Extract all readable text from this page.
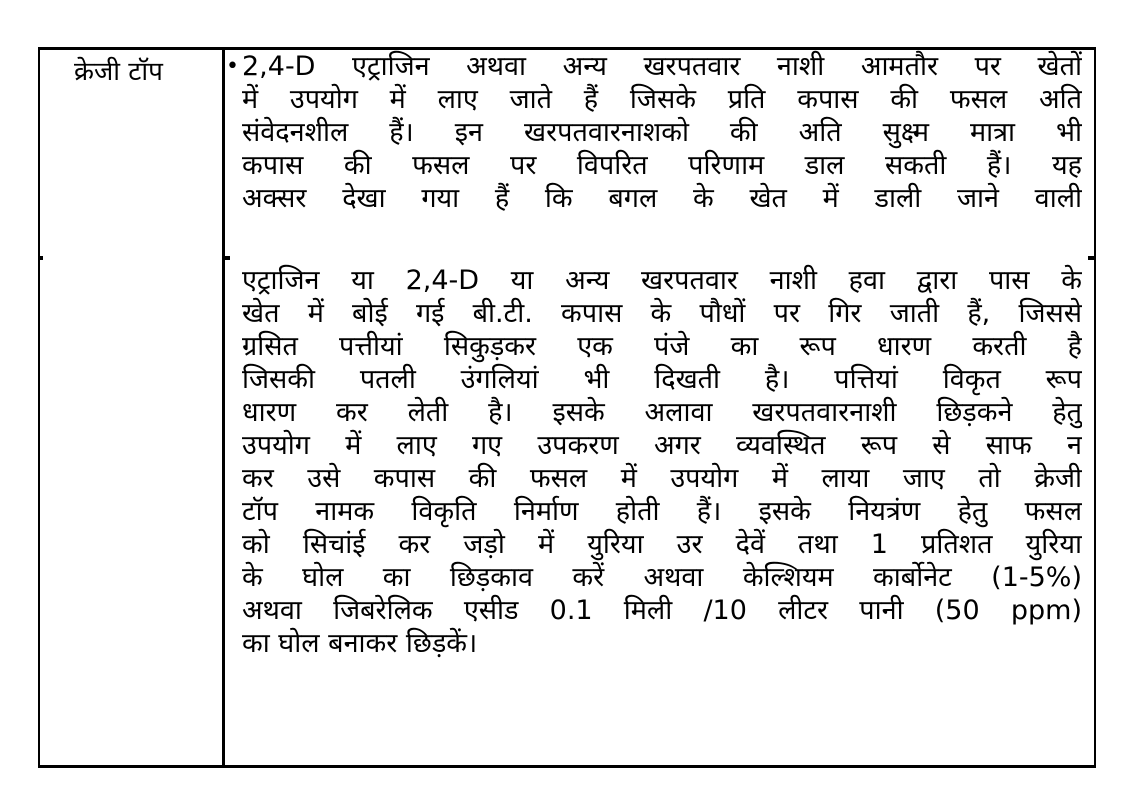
क्रेजी टॉप	• 2,4-D एट्राजिन अथवा अन्य खरपतवार नाशी आमतौर पर खेतों
में उपयोग में लाए जाते हैं जिसके प्रति कपास की फसल अति
संवेदनशील हैं। इन खरपतवारनाशको की अति सुक्ष्म मात्रा भी
कपास की फसल पर विपरित परिणाम डाल सकती हैं। यह
अक्सर देखा गया हैं कि बगल के खेत में डाली जाने वाली
एट्राजिन या 2,4-D या अन्य खरपतवार नाशी हवा द्वारा पास के
खेत में बोई गई बी.टी. कपास के पौधों पर गिर जाती हैं, जिससे
ग्रसित पत्तीयां सिकुड़कर एक पंजे का रूप धारण करती है
जिसकी पतली उंगलियां भी दिखती है। पत्तियां विकृत रूप
धारण कर लेती है। इसके अलावा खरपतवारनाशी छिड़कने हेतु
उपयोग में लाए गए उपकरण अगर व्यवस्थित रूप से साफ न
कर उसे कपास की फसल में उपयोग में लाया जाए तो क्रेजी
टॉप नामक विकृति निर्माण होती हैं। इसके नियत्रंण हेतु फसल
को सिचांई कर जड़ो में युरिया उर देवें तथा 1 प्रतिशत युरिया
के घोल का छिड़काव करें अथवा केल्शियम कार्बोनेट (1-5%)
अथवा जिबरेलिक एसीड 0.1 मिली /10 लीटर पानी (50 ppm)
का घोल बनाकर छिड़कें।
